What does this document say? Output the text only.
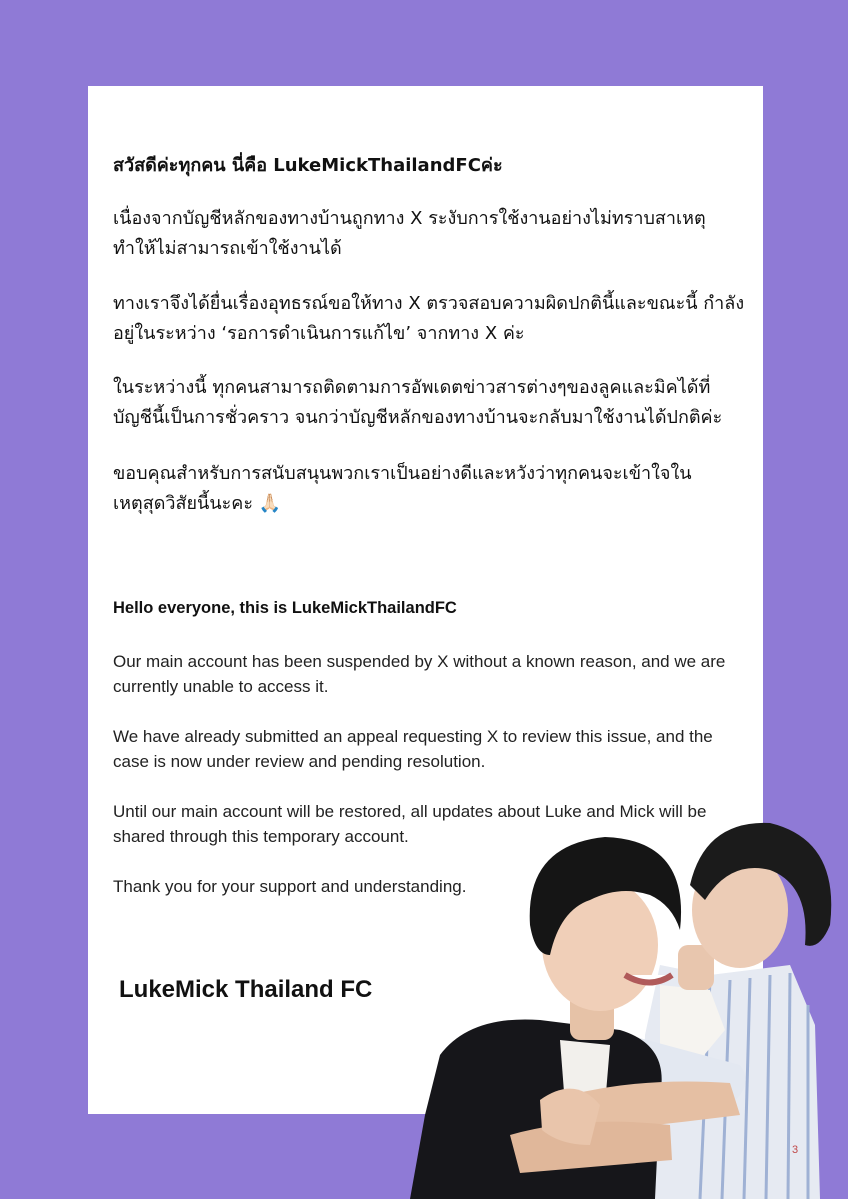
สวัสดีค่ะทุกคน นี่คือ LukeMickThailandFCค่ะ
เนื่องจากบัญชีหลักของทางบ้านถูกทาง X ระงับการใช้งานอย่างไม่ทราบสาเหตุ ทำให้ไม่สามารถเข้าใช้งานได้
ทางเราจึงได้ยื่นเรื่องอุทธรณ์ขอให้ทาง X ตรวจสอบความผิดปกตินี้และขณะนี้ กำลังอยู่ในระหว่าง ‘รอการดำเนินการแก้ไข’ จากทาง X ค่ะ
ในระหว่างนี้ ทุกคนสามารถติดตามการอัพเดตข่าวสารต่างๆของลูคและมิคได้ที่ บัญชีนี้เป็นการชั่วคราว จนกว่าบัญชีหลักของทางบ้านจะกลับมาใช้งานได้ปกติค่ะ
ขอบคุณสำหรับการสนับสนุนพวกเราเป็นอย่างดีและหวังว่าทุกคนจะเข้าใจใน เหตุสุดวิสัยนี้นะคะ 🙏🏻
Hello everyone, this is LukeMickThailandFC
Our main account has been suspended by X without a known reason, and we are currently unable to access it.
We have already submitted an appeal requesting X to review this issue, and the case is now under review and pending resolution.
Until our main account will be restored, all updates about Luke and Mick will be shared through this temporary account.
Thank you for your support and understanding.
LukeMick Thailand FC
3
